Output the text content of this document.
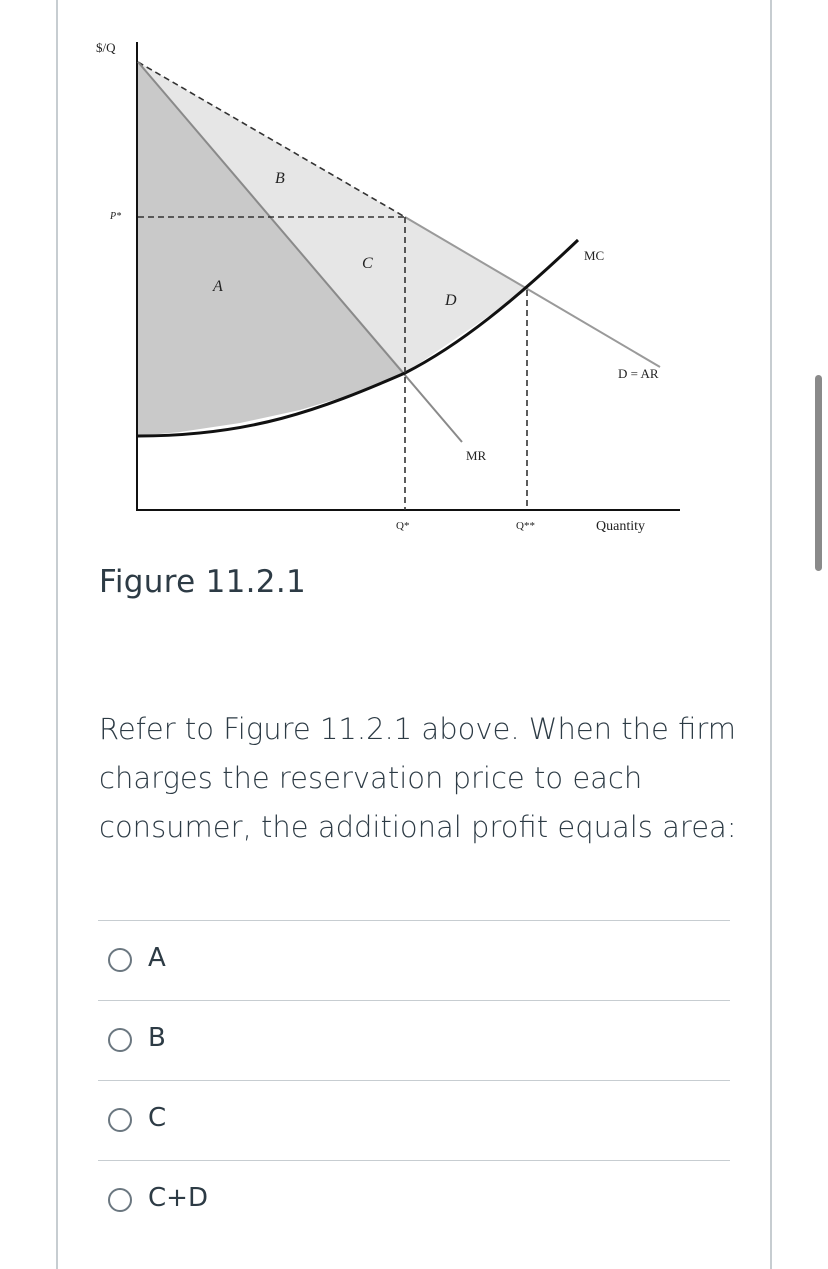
$/Q
P*
B
C
A
D
MC
D = AR
MR
Q*	Q**	Quantity
Figure 11.2.1
Refer to Figure 11.2.1 above. When the firm charges the reservation price to each consumer, the additional profit equals area:
A
B
C
C+D
